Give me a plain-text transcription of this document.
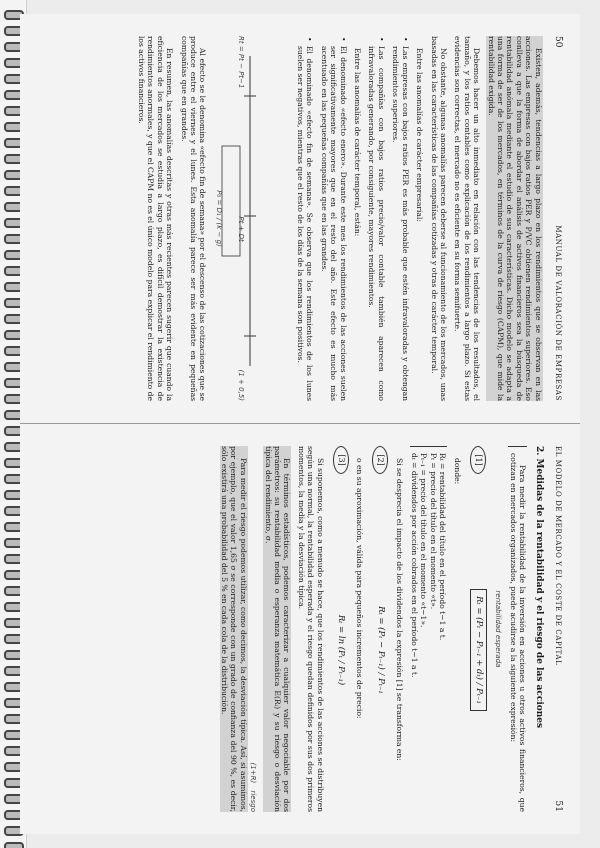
50
MANUAL DE VALORACIÓN DE EMPRESAS

Existen, además, tendencias a largo plazo en los rendimientos que se observan en las acciones. Las empresas con bajos ratios PER y P/VC obtienen rendimientos superiores. Eso conlleva a que la forma de abordar el análisis de activos financieros sea la búsqueda de rentabilidad anómala mediante el estudio de sus características. Dicho modelo se adapta a una forma de ser de los mercados, en términos de la curva de riesgo (CAPM), que mide la rentabilidad exigida.

Debemos hacer un alto inmediato en relación con las tendencias de los resultados, el tamaño, y los ratios contables como explicación de los rendimientos a largo plazo. Si estas evidencias son correctas, el mercado no es eficiente en su forma semifuerte.

No obstante, algunas anomalías parecen deberse al funcionamiento de los mercados, unas basadas en las características de las compañías cotizadas y otras de carácter temporal.

Entre las anomalías de carácter empresarial:

• Las empresas con bajos ratios PER es más probable que estén infravaloradas y obtengan rendimientos superiores.

• Las compañías con bajos ratios precio/valor contable también aparecen como infravaloradas generando, por consiguiente, mayores rendimientos.

Entre las anomalías de carácter temporal, están:

• El denominado «efecto enero». Durante este mes los rendimientos de las acciones suelen ser significativamente mayores que en el resto del año. Este efecto es mucho más acentuado en las pequeñas compañías que en las grandes.

• El denominado «efecto fin de semana». Se observa que los rendimientos de los lunes suelen ser negativos, mientras que el resto de los días de la semana son positivos.

Rt = Pt − Pt−1
Pt + Dt
(1 + 0,5)
P₀ = D₁ / (k − g)

Al efecto se le denomina «efecto fin de semana» por el descenso de las cotizaciones que se produce entre el viernes y el lunes. Esta anomalía parece ser más evidente en pequeñas compañías que en grandes.

En resumen, las anomalías descritas y otras más recientes parecen sugerir que cuando la eficiencia de los mercados se estudia a largo plazo, es difícil demostrar la existencia de rendimientos anormales, y que el CAPM no es el único modelo para explicar el rendimiento de los activos financieros.

EL MODELO DE MERCADO Y EL COSTE DE CAPITAL
51
2. Medidas de la rentabilidad y el riesgo de las acciones

Para medir la rentabilidad de la inversión en acciones u otros activos financieros, que cotizan en mercados organizados, puede acudirse a la siguiente expresión:

rentabilidad esperada
[1]
Rₜ = (Pₜ − Pₜ₋₁ + dₜ) / Pₜ₋₁

donde:

Rₜ = rentabilidad del título en el período t−1 a t.
Pₜ = precio del título en el momento «t».
Pₜ₋₁ = precio del título en el momento «t−1».
dₜ = dividendos por acción cobrados en el período t−1 a t.

Si se desprecia el impacto de los dividendos la expresión [1] se transforma en:

[2]
Rₜ = (Pₜ − Pₜ₋₁) / Pₜ₋₁

o en su aproximación, válida para pequeños incrementos de precio:

[3]
Rₜ = ln (Pₜ / Pₜ₋₁)

Si suponemos, como a menudo se hace, que los rendimientos de las acciones se distribuyen según una normal, la rentabilidad esperada y el riesgo quedan definidos por sus dos primeros momentos, la media y la desviación típica.

En términos estadísticos, podemos caracterizar a cualquier valor negociable por dos parámetros: su rentabilidad media o esperanza matemática E(Rᵢ) y su riesgo o desviación típica del rendimiento, σ.

(1+R)   riesgo

Para medir el riesgo podemos utilizar, como decimos, la desviación típica. Así, si asumimos, por ejemplo, que el valor 1,65 σ se corresponde con un grado de confianza del 90 %, es decir, sólo existirá una probabilidad del 5 % en cada cola de la distribución.
